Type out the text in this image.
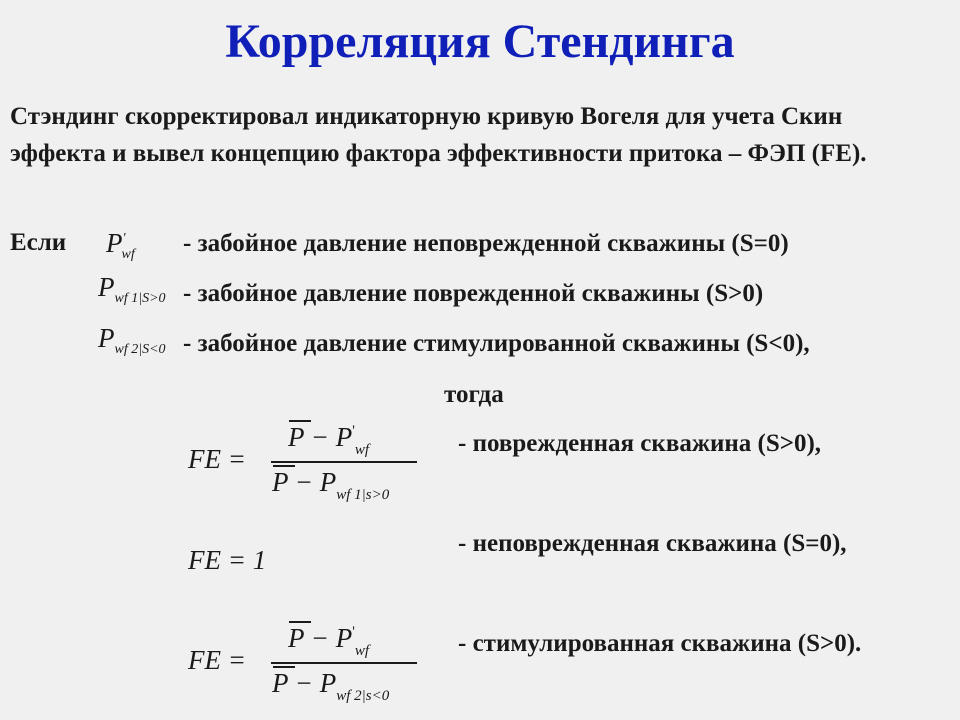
Корреляция Стендинга
Стэндинг скорректировал индикаторную кривую Вогеля для учета Скин эффекта и вывел концепцию фактора эффективности притока – ФЭП (FE).
Если $P'_{wf}$ - забойное давление неповрежденной скважины (S=0)
$P_{wf 1|S>0}$ - забойное давление поврежденной скважины (S>0)
$P_{wf 2|S<0}$ - забойное давление стимулированной скважины (S<0),
тогда
FE =
$P - P'_{wf}$
$P - P_{wf 1|s>0}$
- поврежденная скважина (S>0),
FE = 1
- неповрежденная скважина (S=0),
FE =
$P - P'_{wf}$
$P - P_{wf 2|s<0}$
- стимулированная скважина (S>0).
